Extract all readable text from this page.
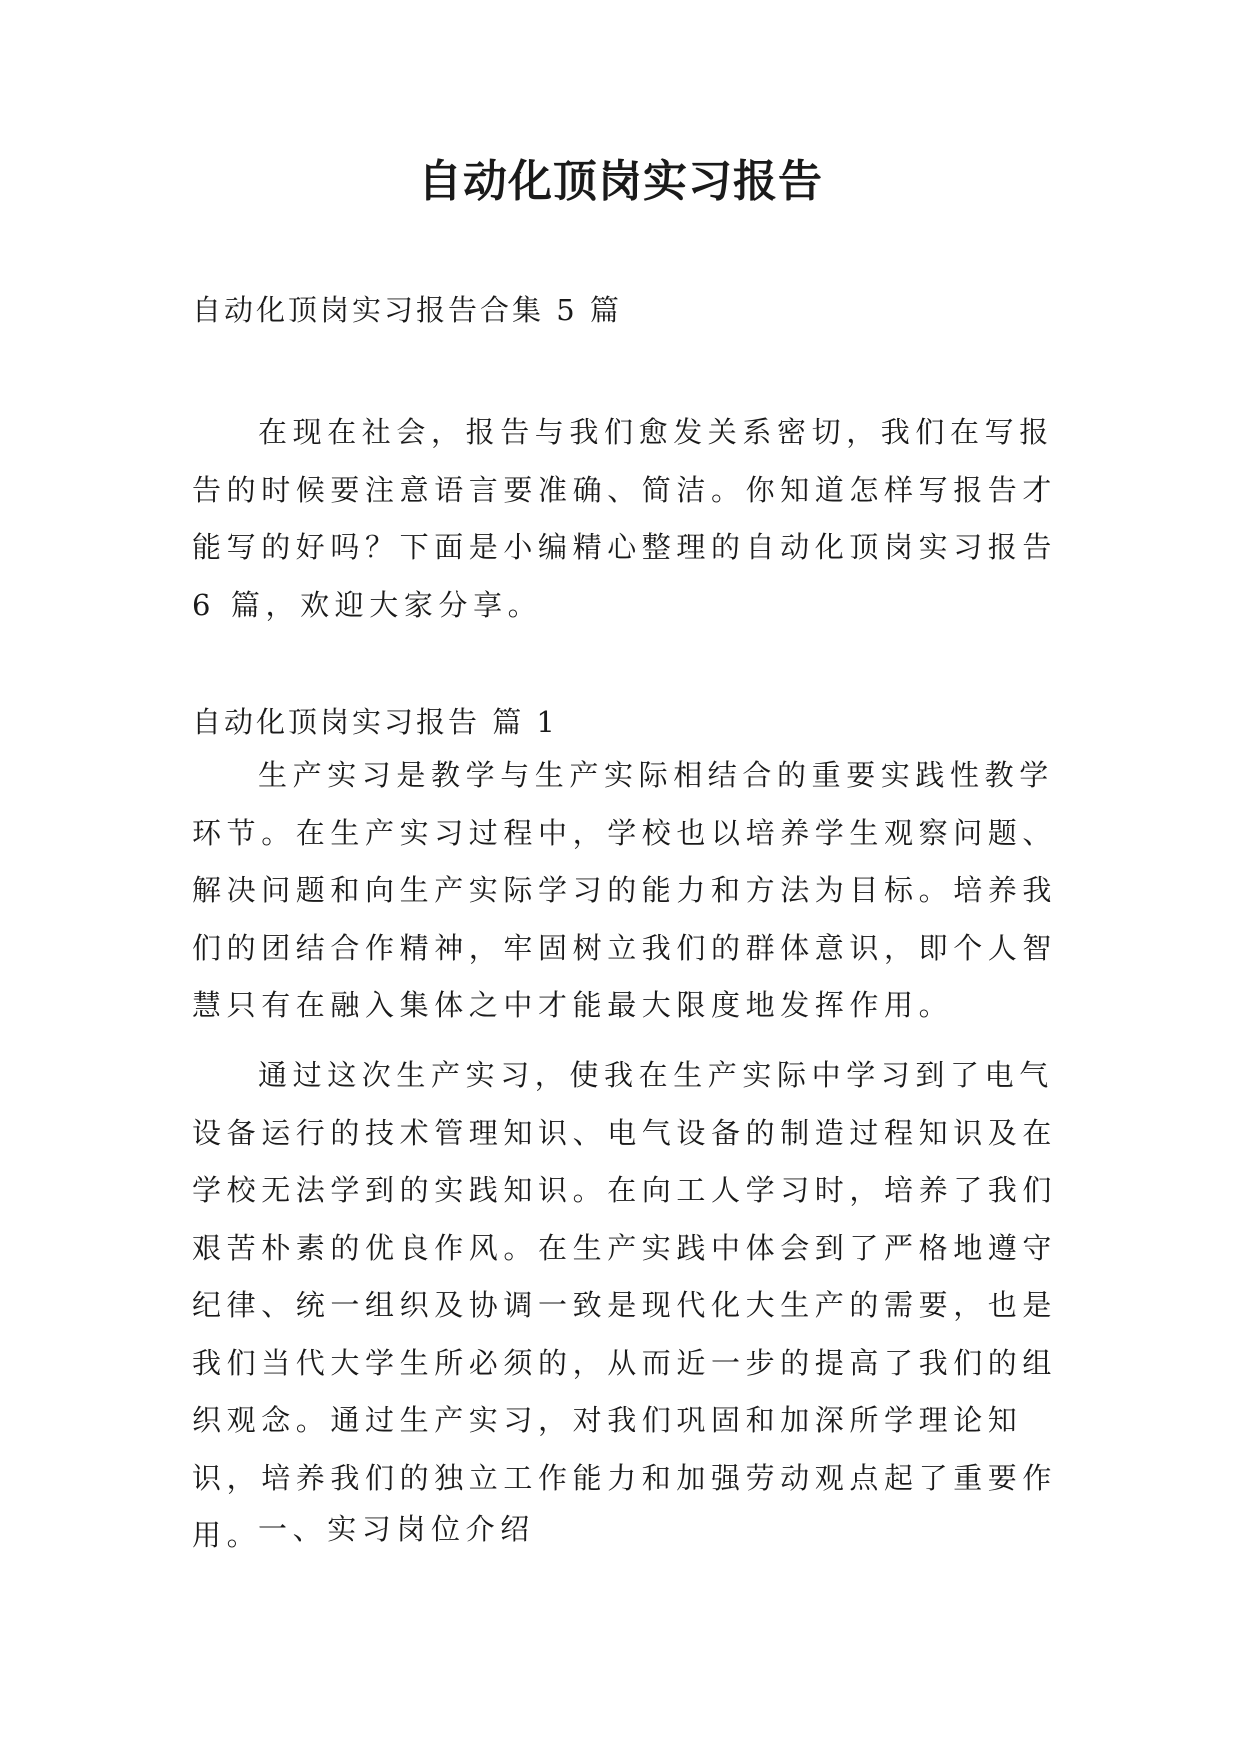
自动化顶岗实习报告
自动化顶岗实习报告合集 5 篇

在现在社会，报告与我们愈发关系密切，我们在写报告的时候要注意语言要准确、简洁。你知道怎样写报告才能写的好吗？下面是小编精心整理的自动化顶岗实习报告 6 篇，欢迎大家分享。

自动化顶岗实习报告 篇 1

生产实习是教学与生产实际相结合的重要实践性教学环节。在生产实习过程中，学校也以培养学生观察问题、解决问题和向生产实际学习的能力和方法为目标。培养我们的团结合作精神，牢固树立我们的群体意识，即个人智慧只有在融入集体之中才能最大限度地发挥作用。

通过这次生产实习，使我在生产实际中学习到了电气设备运行的技术管理知识、电气设备的制造过程知识及在学校无法学到的实践知识。在向工人学习时，培养了我们艰苦朴素的优良作风。在生产实践中体会到了严格地遵守纪律、统一组织及协调一致是现代化大生产的需要，也是我们当代大学生所必须的，从而近一步的提高了我们的组织观念。通过生产实习，对我们巩固和加深所学理论知识，培养我们的独立工作能力和加强劳动观点起了重要作用。

一、实习岗位介绍
